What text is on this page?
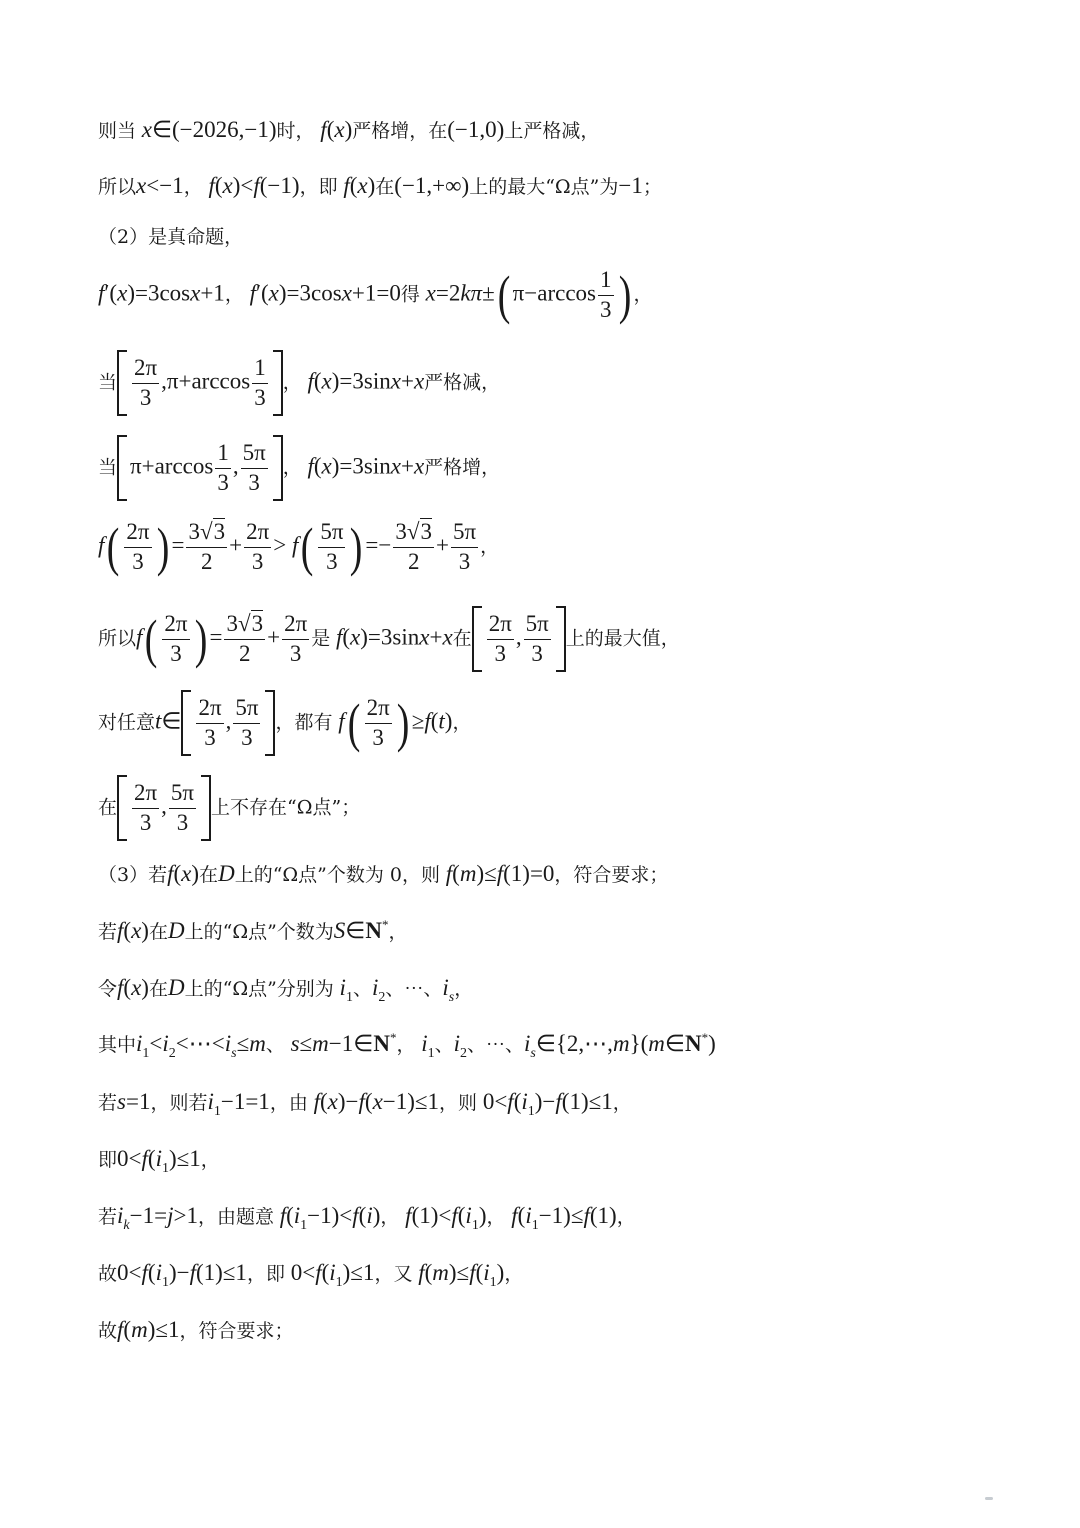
则当 x∈(−2026,−1)时， f(x)严格增，在(−1,0)上严格减，
所以x<−1， f(x)<f(−1)，即 f(x)在(−1,+∞)上的最大“Ω点”为−1；
（2）是真命题，
f′(x)=3cosx+1， f′(x)=3cosx+1=0得 x=2kπ±( $\pi-\arccos \frac{1}{3}$ ) ，
当 $\frac{2\pi}{3} ,\pi+\arccos \frac{1}{3}$ ， f(x)=3sinx+x严格减，
当 $\pi+\arccos \frac{1}{3}$ , $\frac{5\pi}{3}$ ， f(x)=3sinx+x严格增，
$f( \frac{2\pi}{3}$ ) = $\frac{3√3}{2} + \frac{2\pi}{3} > f( \frac{5\pi}{3}$ ) =− $\frac{3√3}{2} + \frac{5\pi}{3}$ ，
所以$f( \frac{2\pi}{3}$ ) = $\frac{3√3}{2} + \frac{2\pi}{3}$ 是 f(x)=3sinx+x在 $\frac{2\pi}{3}$ , $\frac{5\pi}{3}$ 上的最大值，
对任意t∈ $\frac{2\pi}{3}$ , $\frac{5\pi}{3}$ ，都有 $f( \frac{2\pi}{3}$ ) ≥f(t)，
在 $\frac{2\pi}{3}$ , $\frac{5\pi}{3}$ 上不存在“Ω点”；
（3）若f(x)在D上的“Ω点”个数为 0，则 f(m)≤f(1)=0，符合要求；
若f(x)在D上的“Ω点”个数为S∈N*，
令f(x)在D上的“Ω点”分别为 $i_1$、$i_2$、⋯、$i_s$，
其中$i_1<i_2<\cdots<i_s\le m$、 s≤m−1∈N*， $i_1$、$i_2$、⋯、$i_s\in\{2,\cdots,m\}(m\in N^*)$
若s=1，则若$i_1-1=1$，由 f(x)−f(x−1)≤1，则 $0<f(i_1)-f(1)\le 1$，
即$0<f(i_1)\le 1$，
若$i_k-1=j>1$，由题意 $f(i_1-1)<f(i)$， $f(1)<f(i_1)$， $f(i_1-1)\le f(1)$，
故$0<f(i_1)-f(1)\le 1$，即 $0<f(i_1)\le 1$，又 $f(m)\le f(i_1)$，
故f(m)≤1，符合要求；
